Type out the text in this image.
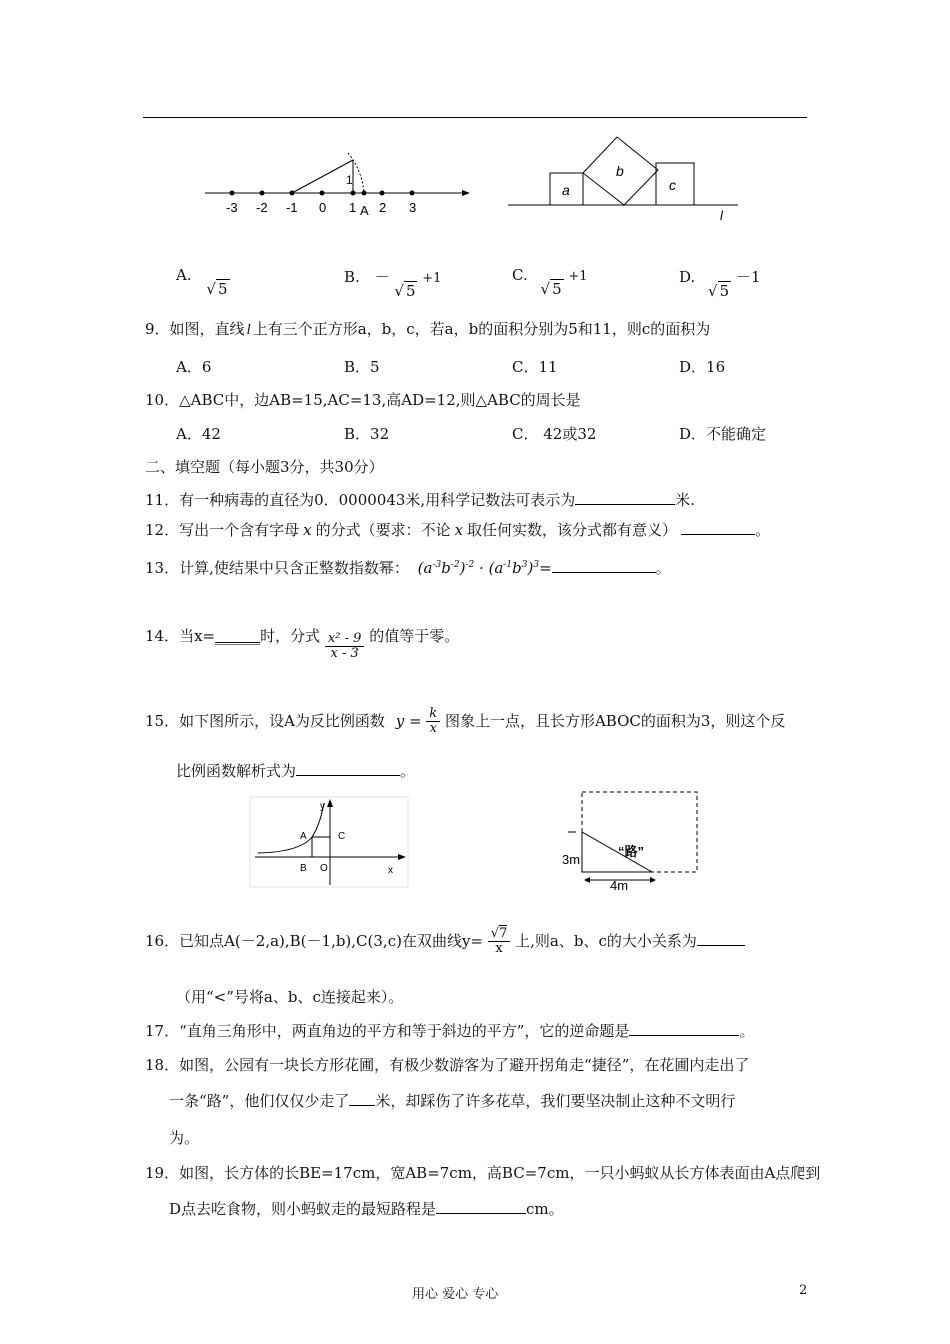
-3 -2 -1 0 1 2 3
1
A
a
b
c
l
A. √ 5
B. － √ 5 +1	C. √ 5 +1	D. √ 5 －1
9．如图，直线 l 上有三个正方形a，b，c，若a，b的面积分别为5和11，则c的面积为
A．6	B．5	C．11	D．16
10．△ABC中，边AB=15,AC=13,高AD=12,则△ABC的周长是
A．42	B．32	C． 42或32	D．不能确定
二、填空题（每小题3分，共30分）
11．有一种病毒的直径为0．0000043米,用科学记数法可表示为	米.
12．写出一个含有字母 x 的分式（要求：不论 x 取任何实数，该分式都有意义）	。
13．计算,使结果中只含正整数指数幂： $(a^{-3}b^{-2})^{-2} \cdot (a^{-1}b^3)^3=$	。
14．当x=______时，分式 $\frac{\text{x² - 9}}{x - 3}$ 的值等于零。
15．如下图所示，设A为反比例函数 $y = \frac{k}{x}$ 图象上一点，且长方形ABOC的面积为3，则这个反
比例函数解析式为	。
y
A	C
B O	x
“路”
3m
4m
16．已知点A(－2,a),B(－1,b),C(3,c)在双曲线$y= \frac{√7}{x}$ 上,则a、b、c的大小关系为
（用“<”号将a、b、c连接起来）。
17．“直角三角形中，两直角边的平方和等于斜边的平方”，它的逆命题是	。
18．如图，公园有一块长方形花圃，有极少数游客为了避开拐角走“捷径”，在花圃内走出了
一条“路”，他们仅仅少走了 米，却踩伤了许多花草，我们要坚决制止这种不文明行
为。
19．如图，长方体的长BE=17cm，宽AB=7cm，高BC=7cm，一只小蚂蚁从长方体表面由A点爬到
D点去吃食物，则小蚂蚁走的最短路程是	cm。
用心 爱心 专心	2
